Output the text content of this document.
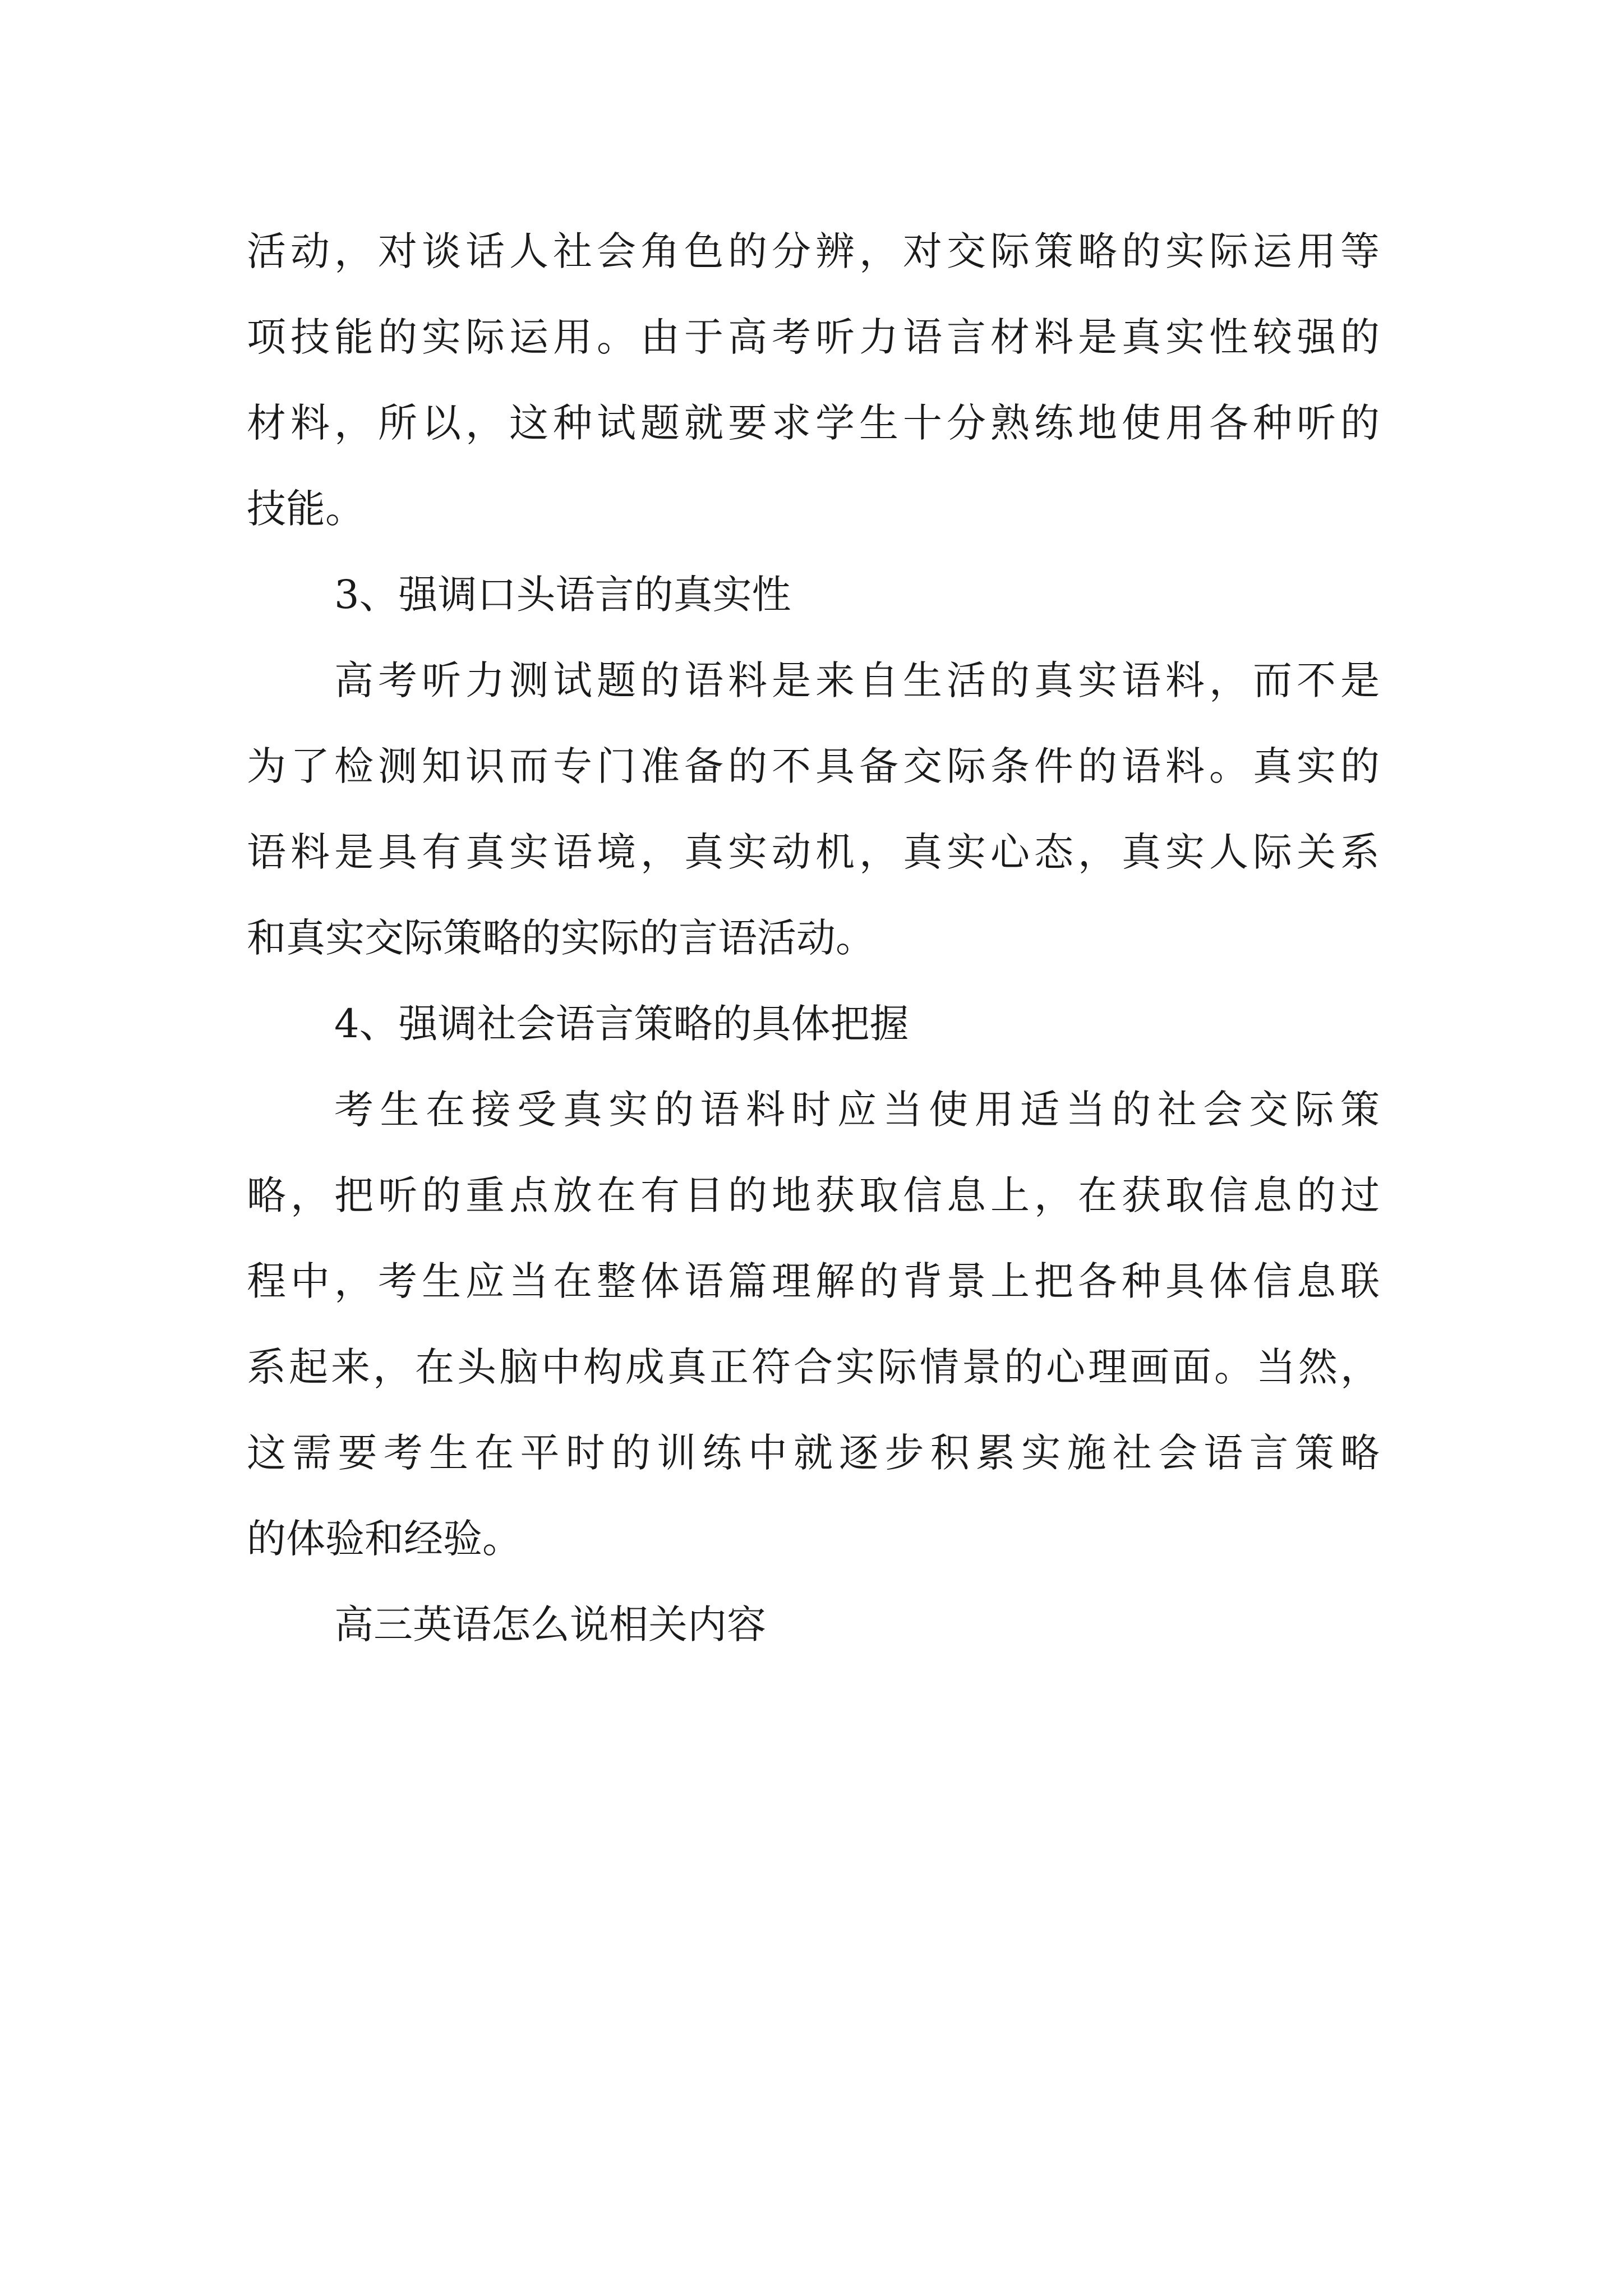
活动，对谈话人社会角色的分辨，对交际策略的实际运用等
项技能的实际运用。由于高考听力语言材料是真实性较强的
材料，所以，这种试题就要求学生十分熟练地使用各种听的
技能。
3、强调口头语言的真实性
高考听力测试题的语料是来自生活的真实语料，而不是
为了检测知识而专门准备的不具备交际条件的语料。真实的
语料是具有真实语境，真实动机，真实心态，真实人际关系
和真实交际策略的实际的言语活动。
4、强调社会语言策略的具体把握
考生在接受真实的语料时应当使用适当的社会交际策
略，把听的重点放在有目的地获取信息上，在获取信息的过
程中，考生应当在整体语篇理解的背景上把各种具体信息联
系起来，在头脑中构成真正符合实际情景的心理画面。当然，
这需要考生在平时的训练中就逐步积累实施社会语言策略
的体验和经验。
高三英语怎么说相关内容
